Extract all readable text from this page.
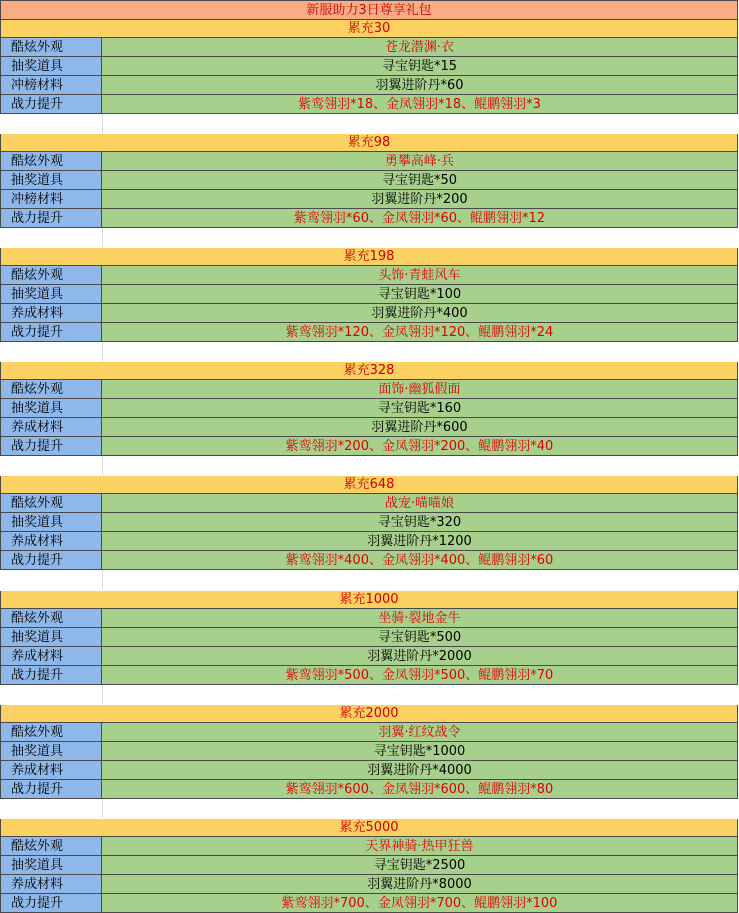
新服助力3日尊享礼包
累充30
酷炫外观	苍龙潜渊·衣
抽奖道具	寻宝钥匙*15
冲榜材料	羽翼进阶丹*60
战力提升	紫鸾翎羽*18、金凤翎羽*18、鲲鹏翎羽*3
累充98
酷炫外观	勇攀高峰·兵
抽奖道具	寻宝钥匙*50
冲榜材料	羽翼进阶丹*200
战力提升	紫鸾翎羽*60、金凤翎羽*60、鲲鹏翎羽*12
累充198
酷炫外观	头饰·青蛙风车
抽奖道具	寻宝钥匙*100
养成材料	羽翼进阶丹*400
战力提升	紫鸾翎羽*120、金凤翎羽*120、鲲鹏翎羽*24
累充328
酷炫外观	面饰·幽狐假面
抽奖道具	寻宝钥匙*160
养成材料	羽翼进阶丹*600
战力提升	紫鸾翎羽*200、金凤翎羽*200、鲲鹏翎羽*40
累充648
酷炫外观	战宠·喵喵娘
抽奖道具	寻宝钥匙*320
养成材料	羽翼进阶丹*1200
战力提升	紫鸾翎羽*400、金凤翎羽*400、鲲鹏翎羽*60
累充1000
酷炫外观	坐骑·裂地金牛
抽奖道具	寻宝钥匙*500
养成材料	羽翼进阶丹*2000
战力提升	紫鸾翎羽*500、金凤翎羽*500、鲲鹏翎羽*70
累充2000
酷炫外观	羽翼·红纹战令
抽奖道具	寻宝钥匙*1000
养成材料	羽翼进阶丹*4000
战力提升	紫鸾翎羽*600、金凤翎羽*600、鲲鹏翎羽*80
累充5000
酷炫外观	天界神骑·热甲狂兽
抽奖道具	寻宝钥匙*2500
养成材料	羽翼进阶丹*8000
战力提升	紫鸾翎羽*700、金凤翎羽*700、鲲鹏翎羽*100
